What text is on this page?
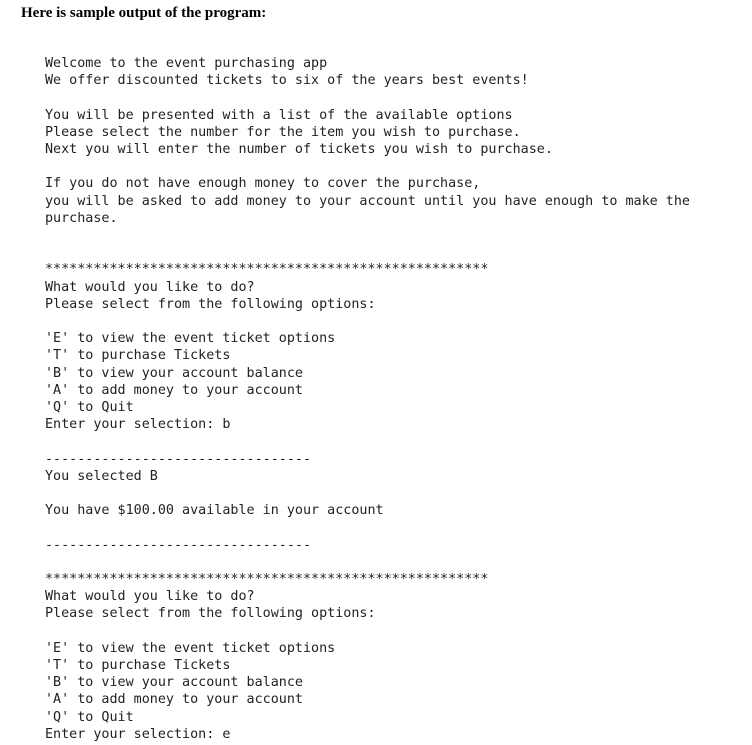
Here is sample output of the program:

Welcome to the event purchasing app
We offer discounted tickets to six of the years best events!
You will be presented with a list of the available options
Please select the number for the item you wish to purchase.
Next you will enter the number of tickets you wish to purchase.
If you do not have enough money to cover the purchase,
you will be asked to add money to your account until you have enough to make the
purchase.
*******************************************************
What would you like to do?
Please select from the following options:
'E' to view the event ticket options
'T' to purchase Tickets
'B' to view your account balance
'A' to add money to your account
'Q' to Quit
Enter your selection: b
---------------------------------
You selected B
You have $100.00 available in your account
---------------------------------
*******************************************************
What would you like to do?
Please select from the following options:
'E' to view the event ticket options
'T' to purchase Tickets
'B' to view your account balance
'A' to add money to your account
'Q' to Quit
Enter your selection: e
